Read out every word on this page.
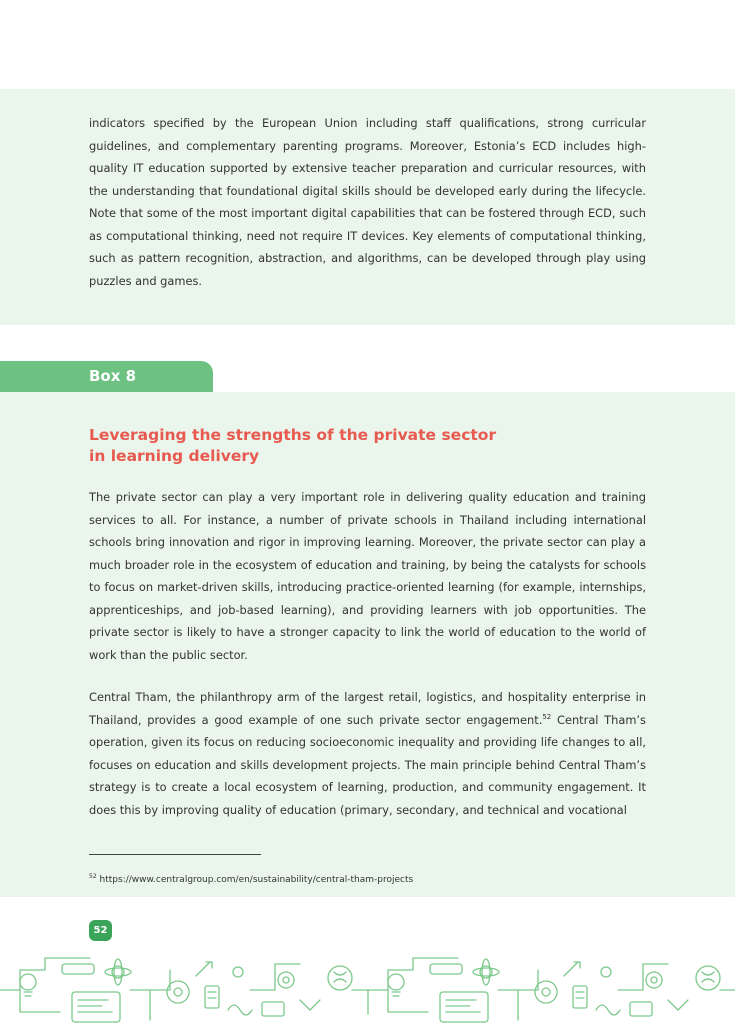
indicators specified by the European Union including staff qualifications, strong curricular guidelines, and complementary parenting programs. Moreover, Estonia’s ECD includes high-quality IT education supported by extensive teacher preparation and curricular resources, with the understanding that foundational digital skills should be developed early during the lifecycle. Note that some of the most important digital capabilities that can be fostered through ECD, such as computational thinking, need not require IT devices. Key elements of computational thinking, such as pattern recognition, abstraction, and algorithms, can be developed through play using puzzles and games.

Box 8
Leveraging the strengths of the private sector in learning delivery

The private sector can play a very important role in delivering quality education and training services to all. For instance, a number of private schools in Thailand including international schools bring innovation and rigor in improving learning. Moreover, the private sector can play a much broader role in the ecosystem of education and training, by being the catalysts for schools to focus on market-driven skills, introducing practice-oriented learning (for example, internships, apprenticeships, and job-based learning), and providing learners with job opportunities. The private sector is likely to have a stronger capacity to link the world of education to the world of work than the public sector.

Central Tham, the philanthropy arm of the largest retail, logistics, and hospitality enterprise in Thailand, provides a good example of one such private sector engagement.$^{52}$ Central Tham’s operation, given its focus on reducing socioeconomic inequality and providing life changes to all, focuses on education and skills development projects. The main principle behind Central Tham’s strategy is to create a local ecosystem of learning, production, and community engagement. It does this by improving quality of education (primary, secondary, and technical and vocational

$^{52}$ https://www.centralgroup.com/en/sustainability/central-tham-projects
52
